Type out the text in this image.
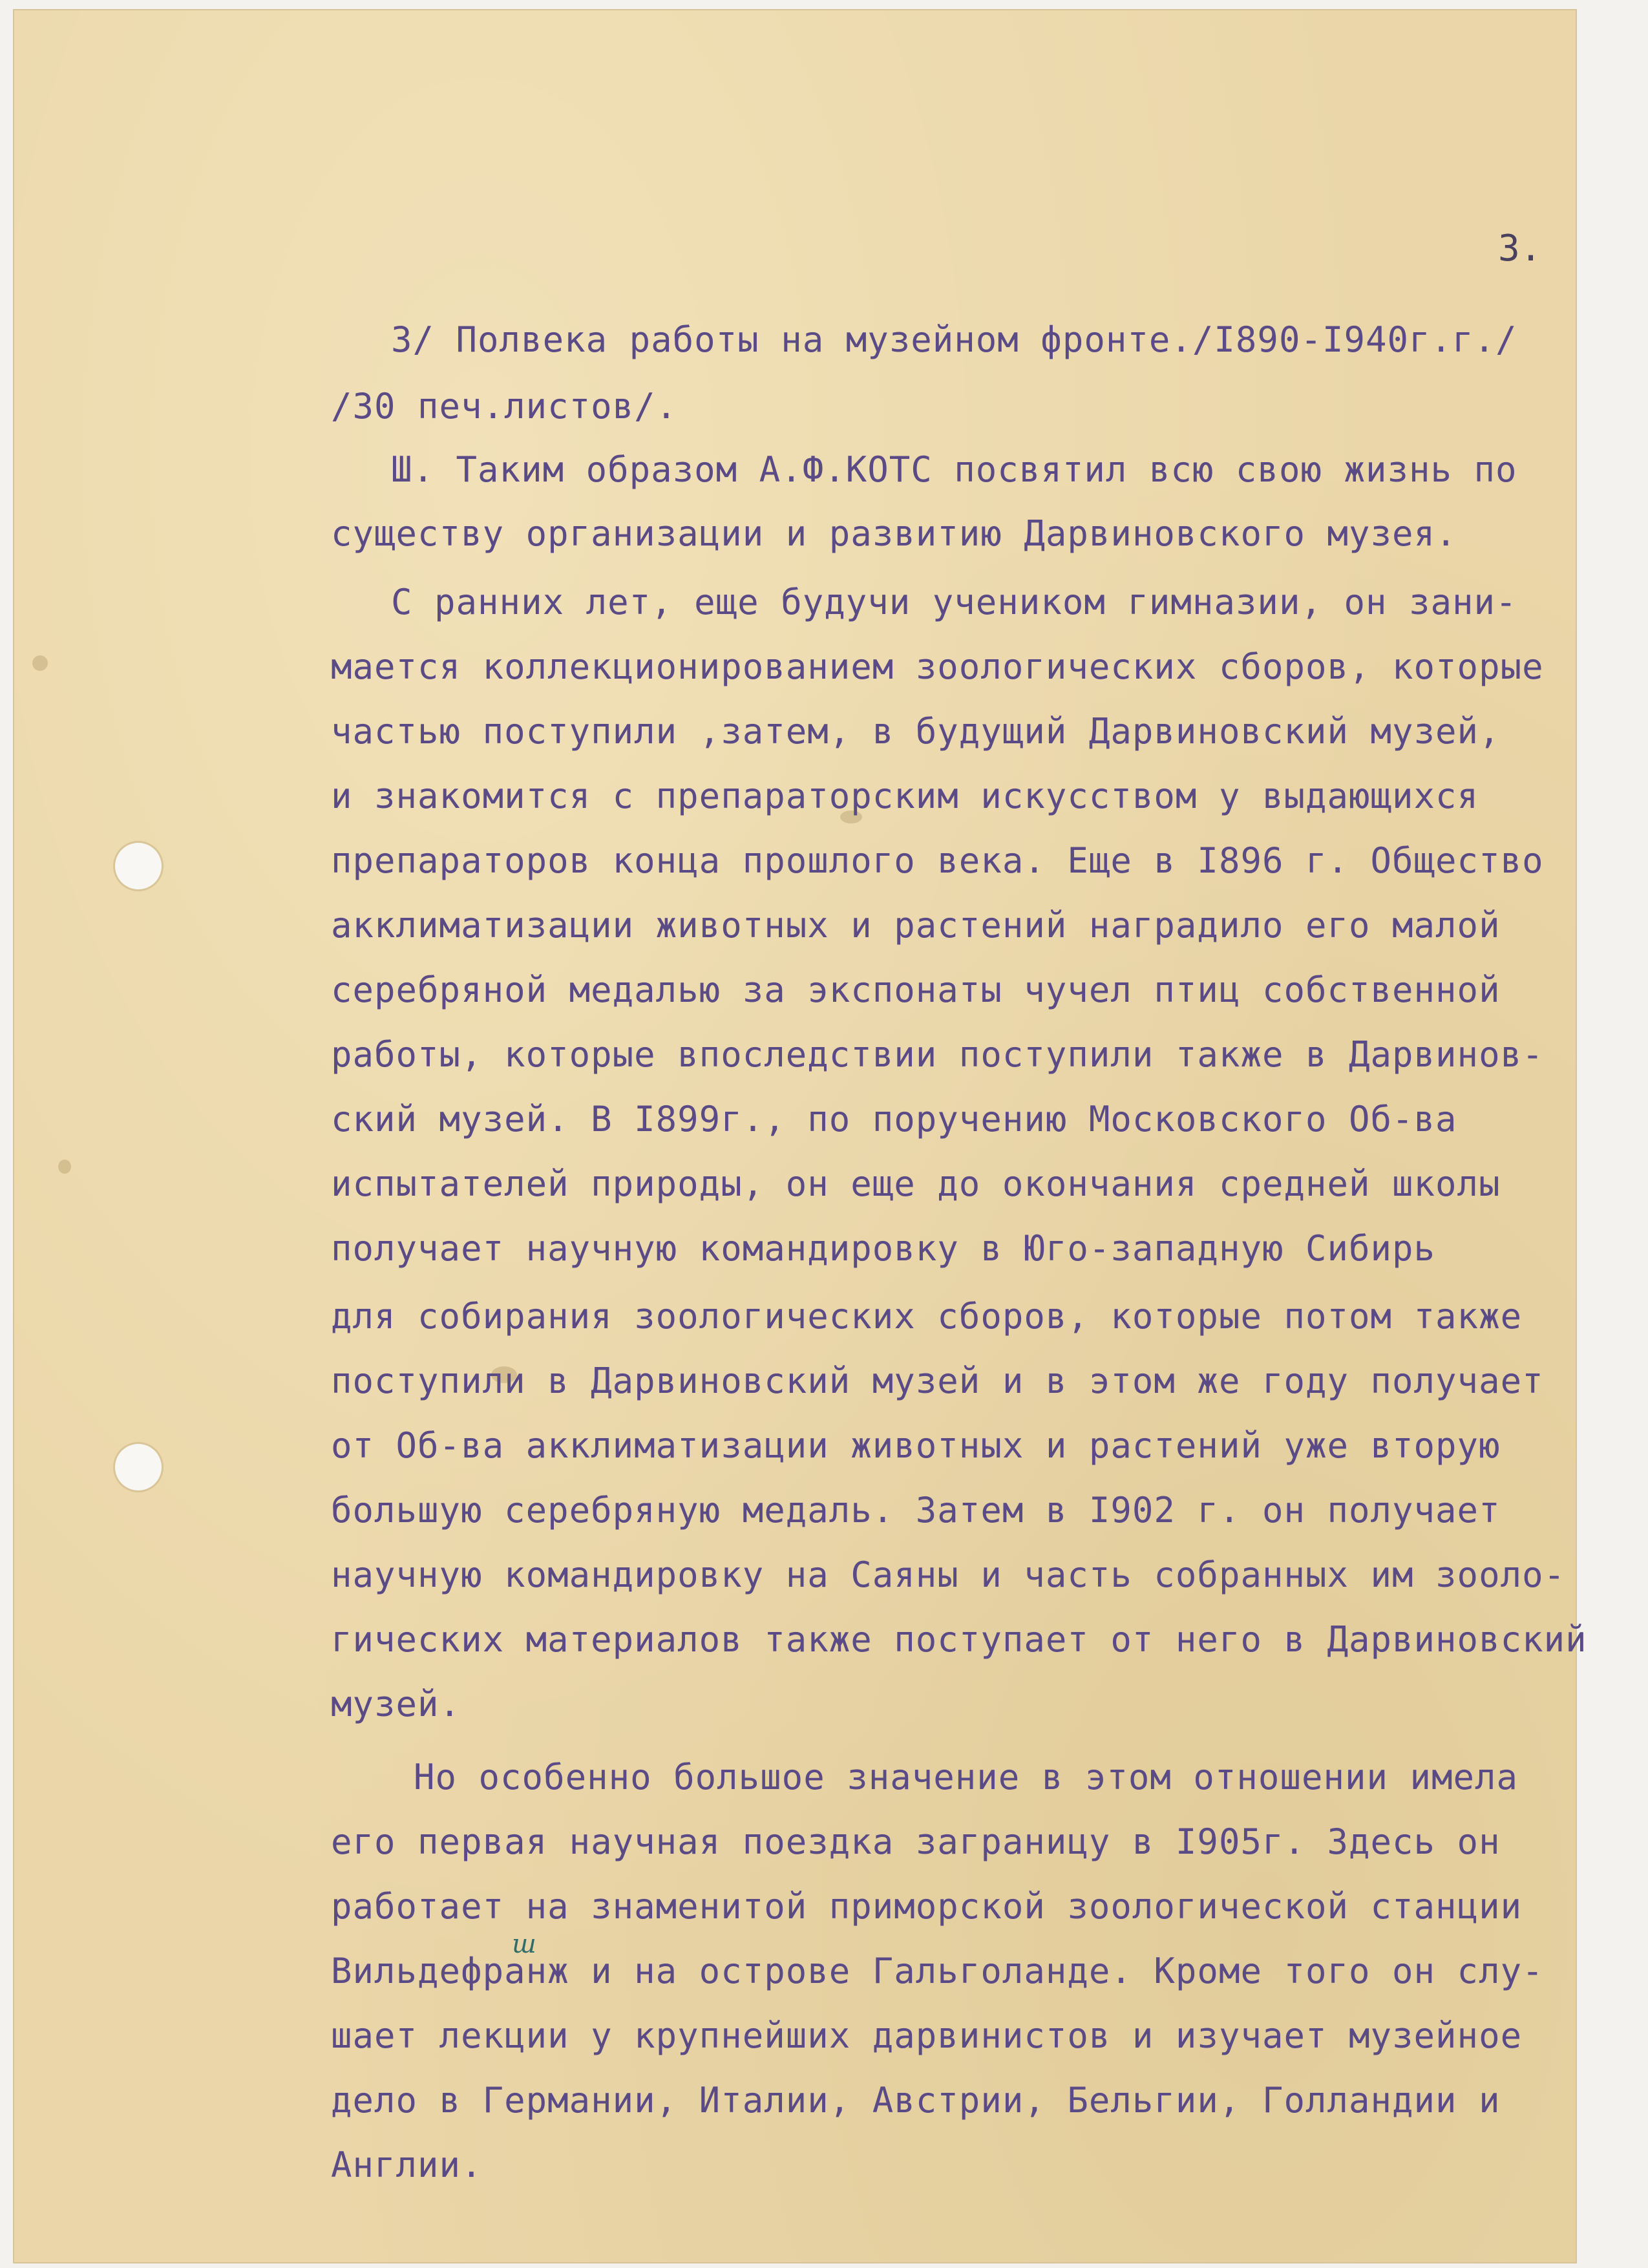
3.
3/ Полвека работы на музейном фронте./I890-I940г.г./
/30 печ.листов/.
Ш. Таким образом А.Ф.КОТС посвятил всю свою жизнь по
существу организации и развитию Дарвиновского музея.
С ранних лет, еще будучи учеником гимназии, он зани-
мается коллекционированием зоологических сборов, которые
частью поступили ,затем, в будущий Дарвиновский музей,
и знакомится с препараторским искусством у выдающихся
препараторов конца прошлого века. Еще в I896 г. Общество
акклиматизации животных и растений наградило его малой
серебряной медалью за экспонаты чучел птиц собственной
работы, которые впоследствии поступили также в Дарвинов-
ский музей. В I899г., по поручению Московского Об-ва
испытателей природы, он еще до окончания средней школы
получает научную командировку в Юго-западную Сибирь
для собирания зоологических сборов, которые потом также
поступили в Дарвиновский музей и в этом же году получает
от Об-ва акклиматизации животных и растений уже вторую
большую серебряную медаль. Затем в I902 г. он получает
научную командировку на Саяны и часть собранных им зооло-
гических материалов также поступает от него в Дарвиновский
музей.
Но особенно большое значение в этом отношении имела
его первая научная поездка заграницу в I905г. Здесь он
работает на знаменитой приморской зоологической станции
Вильдефранж и на острове Гальголанде. Кроме того он слу-
шает лекции у крупнейших дарвинистов и изучает музейное
дело в Германии, Италии, Австрии, Бельгии, Голландии и
Англии.
ш
